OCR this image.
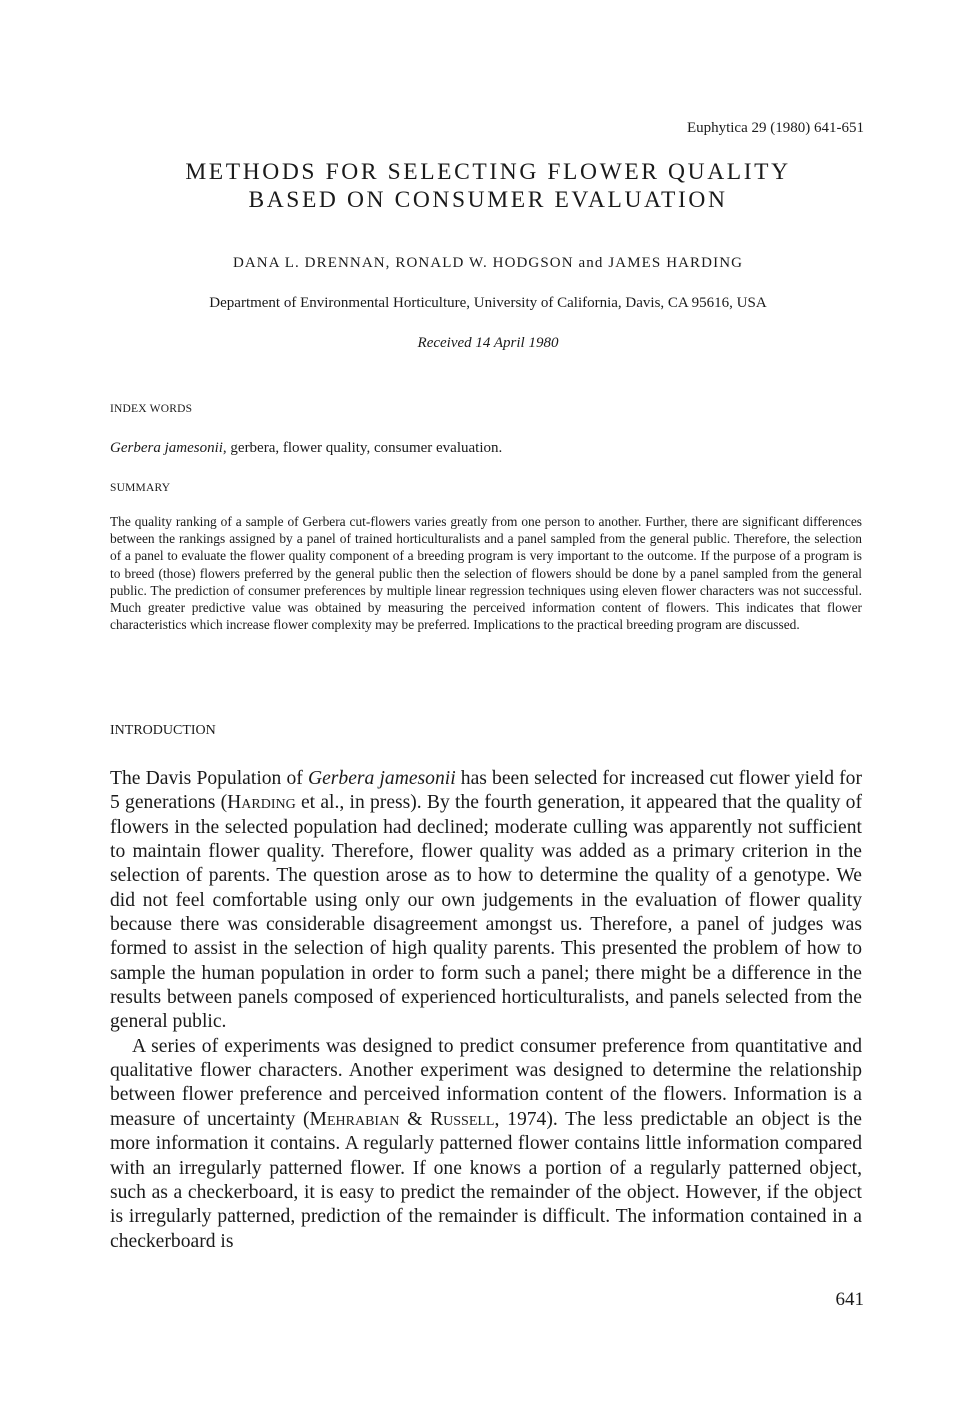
Euphytica 29 (1980) 641-651
METHODS FOR SELECTING FLOWER QUALITY
BASED ON CONSUMER EVALUATION
DANA L. DRENNAN, RONALD W. HODGSON and JAMES HARDING
Department of Environmental Horticulture, University of California, Davis, CA 95616, USA
Received 14 April 1980
INDEX WORDS
Gerbera jamesonii, gerbera, flower quality, consumer evaluation.
SUMMARY

The quality ranking of a sample of Gerbera cut-flowers varies greatly from one person to another. Further, there are significant differences between the rankings assigned by a panel of trained horticulturalists and a panel sampled from the general public. Therefore, the selection of a panel to evaluate the flower quality component of a breeding program is very important to the outcome. If the purpose of a program is to breed (those) flowers preferred by the general public then the selection of flowers should be done by a panel sampled from the general public. The prediction of consumer preferences by multiple linear regression techniques using eleven flower characters was not successful. Much greater predictive value was obtained by measuring the perceived information content of flowers. This indicates that flower characteristics which increase flower complexity may be preferred. Implications to the practical breeding program are discussed.

INTRODUCTION

The Davis Population of Gerbera jamesonii has been selected for increased cut flower yield for 5 generations (Harding et al., in press). By the fourth generation, it appeared that the quality of flowers in the selected population had declined; moderate culling was apparently not sufficient to maintain flower quality. Therefore, flower quality was added as a primary criterion in the selection of parents. The question arose as to how to determine the quality of a genotype. We did not feel comfortable using only our own judgements in the evaluation of flower quality because there was considerable disagreement amongst us. Therefore, a panel of judges was formed to assist in the selection of high quality parents. This presented the problem of how to sample the human population in order to form such a panel; there might be a difference in the results between panels composed of experienced horticulturalists, and panels selected from the general public.

A series of experiments was designed to predict consumer preference from quantitative and qualitative flower characters. Another experiment was designed to determine the relationship between flower preference and perceived information content of the flowers. Information is a measure of uncertainty (Mehrabian & Russell, 1974). The less predictable an object is the more information it contains. A regularly patterned flower contains little information compared with an irregularly patterned flower. If one knows a portion of a regularly patterned object, such as a checkerboard, it is easy to predict the remainder of the object. However, if the object is irregularly patterned, prediction of the remainder is difficult. The information contained in a checkerboard is

641
